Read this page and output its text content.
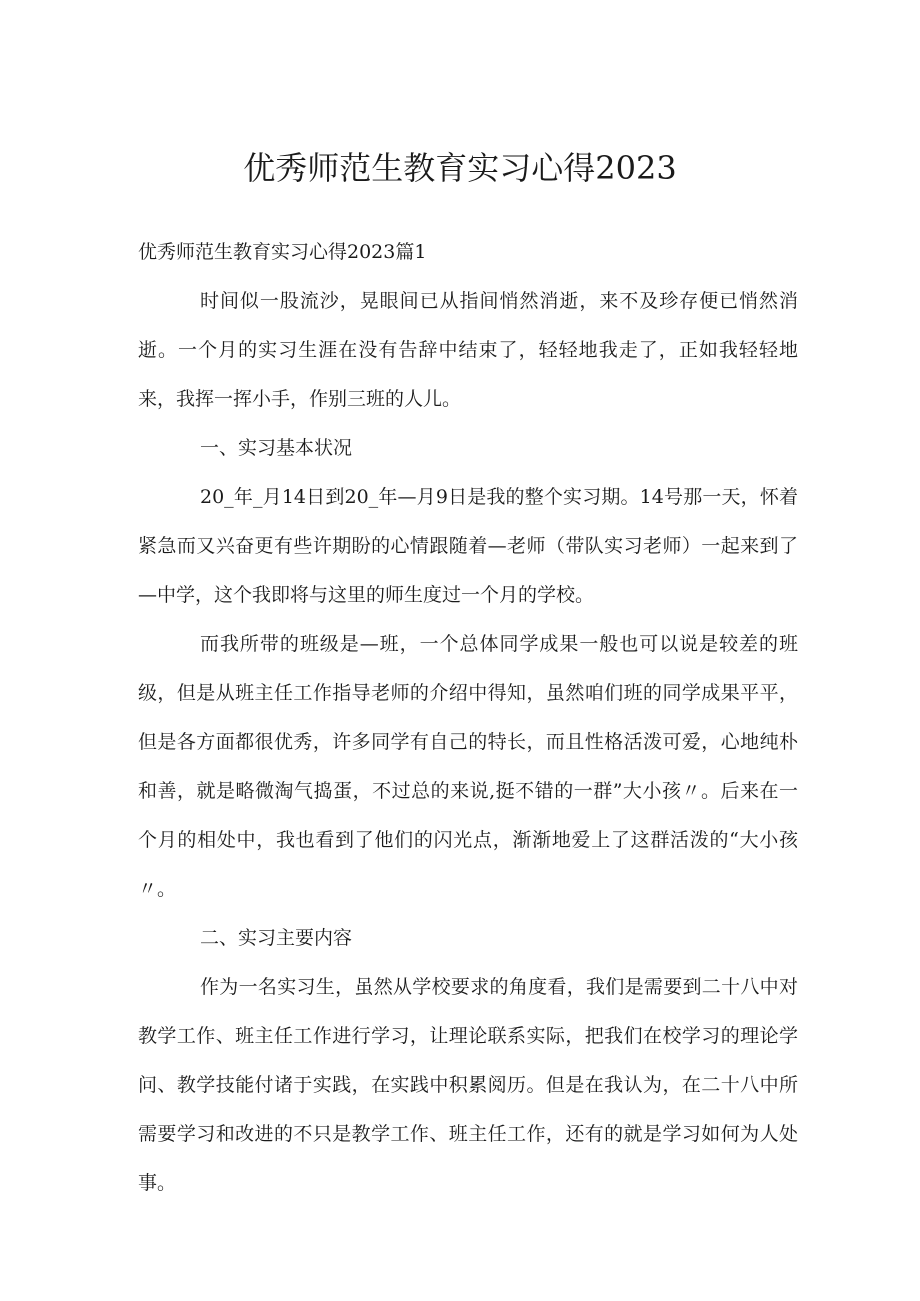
优秀师范生教育实习心得2023

优秀师范生教育实习心得2023篇1

时间似一股流沙，晃眼间已从指间悄然消逝，来不及珍存便已悄然消逝。一个月的实习生涯在没有告辞中结束了，轻轻地我走了，正如我轻轻地来，我挥一挥小手，作别三班的人儿。

一、实习基本状况

20_年_月14日到20_年—月9日是我的整个实习期。14号那一天，怀着紧急而又兴奋更有些许期盼的心情跟随着—老师（带队实习老师）一起来到了—中学，这个我即将与这里的师生度过一个月的学校。

而我所带的班级是—班，一个总体同学成果一般也可以说是较差的班级，但是从班主任工作指导老师的介绍中得知，虽然咱们班的同学成果平平，但是各方面都很优秀，许多同学有自己的特长，而且性格活泼可爱，心地纯朴和善，就是略微淘气捣蛋，不过总的来说,挺不错的一群”大小孩〃。后来在一个月的相处中，我也看到了他们的闪光点，渐渐地爱上了这群活泼的“大小孩〃。

二、实习主要内容

作为一名实习生，虽然从学校要求的角度看，我们是需要到二十八中对教学工作、班主任工作进行学习，让理论联系实际，把我们在校学习的理论学问、教学技能付诸于实践，在实践中积累阅历。但是在我认为，在二十八中所需要学习和改进的不只是教学工作、班主任工作，还有的就是学习如何为人处事。
